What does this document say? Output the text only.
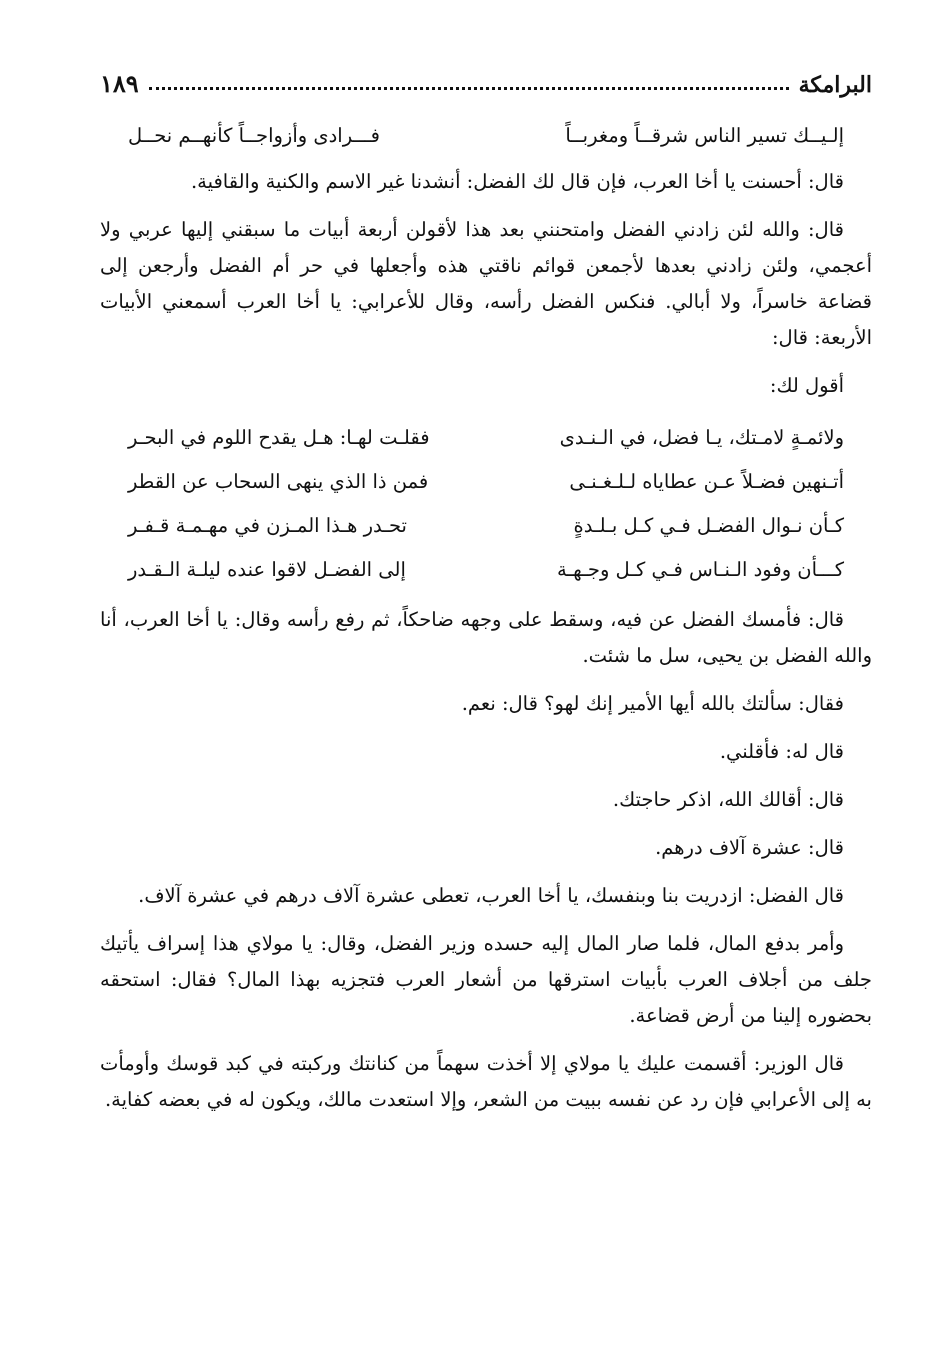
البرامكة
١٨٩
إلـيــك تسير الناس شرقــاً ومغربــاً
فـــرادى وأزواجــاً كأنهــم نحــل

قال: أحسنت يا أخا العرب، فإن قال لك الفضل: أنشدنا غير الاسم والكنية والقافية.

قال: والله لئن زادني الفضل وامتحنني بعد هذا لأقولن أربعة أبيات ما سبقني إليها عربي ولا أعجمي، ولئن زادني بعدها لأجمعن قوائم ناقتي هذه وأجعلها في حر أم الفضل وأرجعن إلى قضاعة خاسراً، ولا أبالي. فنكس الفضل رأسه، وقال للأعرابي: يا أخا العرب أسمعني الأبيات الأربعة: قال:

أقول لك:

ولائمـةٍ لامـتك، يـا فضل، في الـنـدى
فقلـت لهـا: هـل يقدح اللوم في البحـر
أتـنهين فضـلاً عـن عطاياه لـلـغـنـى
فمن ذا الذي ينهى السحاب عن القطر
كـأن نـوال الفضـل فـي كـل بـلـدةٍ
تحـدر هـذا المـزن في مهـمـة قـفـر
كـــأن وفود الـنـاس فـي كـل وجـهـة
إلى الفضـل لاقوا عنده ليلـة الـقـدر

قال: فأمسك الفضل عن فيه، وسقط على وجهه ضاحكاً، ثم رفع رأسه وقال: يا أخا العرب، أنا والله الفضل بن يحيى، سل ما شئت.

فقال: سألتك بالله أيها الأمير إنك لهو؟ قال: نعم.

قال له: فأقلني.

قال: أقالك الله، اذكر حاجتك.

قال: عشرة آلاف درهم.

قال الفضل: ازدريت بنا وبنفسك، يا أخا العرب، تعطى عشرة آلاف درهم في عشرة آلاف.

وأمر بدفع المال، فلما صار المال إليه حسده وزير الفضل، وقال: يا مولاي هذا إسراف يأتيك جلف من أجلاف العرب بأبيات استرقها من أشعار العرب فتجزيه بهذا المال؟ فقال: استحقه بحضوره إلينا من أرض قضاعة.

قال الوزير: أقسمت عليك يا مولاي إلا أخذت سهماً من كنانتك وركبته في كبد قوسك وأومأت به إلى الأعرابي فإن رد عن نفسه ببيت من الشعر، وإلا استعدت مالك، ويكون له في بعضه كفاية.
